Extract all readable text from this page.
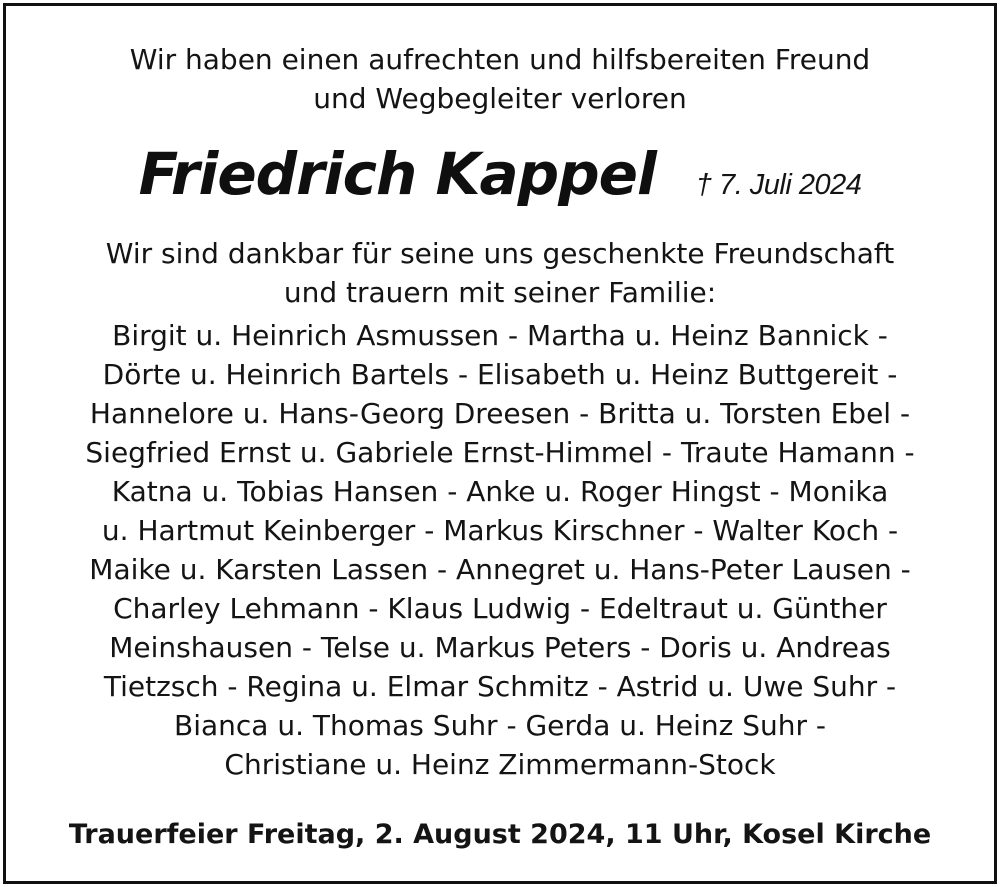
Wir haben einen aufrechten und hilfsbereiten Freund
und Wegbegleiter verloren
Friedrich Kappel † 7. Juli 2024
Wir sind dankbar für seine uns geschenkte Freundschaft
und trauern mit seiner Familie:
Birgit u. Heinrich Asmussen - Martha u. Heinz Bannick -
Dörte u. Heinrich Bartels - Elisabeth u. Heinz Buttgereit -
Hannelore u. Hans-Georg Dreesen - Britta u. Torsten Ebel -
Siegfried Ernst u. Gabriele Ernst-Himmel - Traute Hamann -
Katna u. Tobias Hansen - Anke u. Roger Hingst - Monika
u. Hartmut Keinberger - Markus Kirschner - Walter Koch -
Maike u. Karsten Lassen - Annegret u. Hans-Peter Lausen -
Charley Lehmann - Klaus Ludwig - Edeltraut u. Günther
Meinshausen - Telse u. Markus Peters - Doris u. Andreas
Tietzsch - Regina u. Elmar Schmitz - Astrid u. Uwe Suhr -
Bianca u. Thomas Suhr - Gerda u. Heinz Suhr -
Christiane u. Heinz Zimmermann-Stock
Trauerfeier Freitag, 2. August 2024, 11 Uhr, Kosel Kirche
